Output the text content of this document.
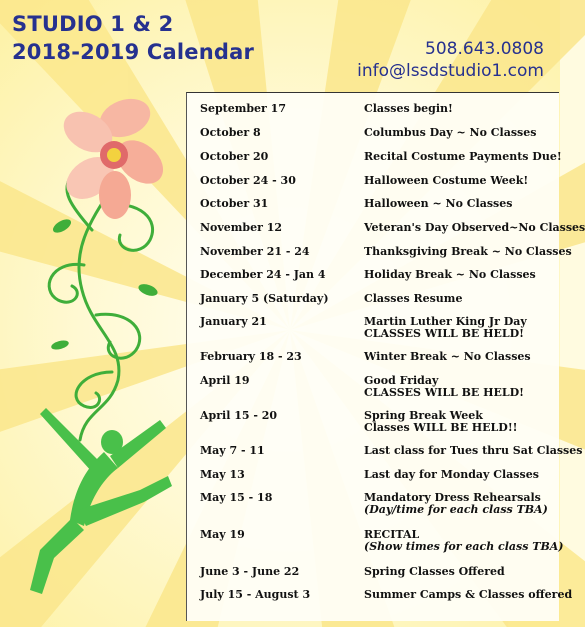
STUDIO 1 & 2
2018-2019 Calendar	508.643.0808
info@lssdstudio1.com
September 17	Classes begin!
October 8	Columbus Day ~ No Classes
October 20	Recital Costume Payments Due!
October 24 - 30	Halloween Costume Week!
October 31	Halloween ~ No Classes
November 12	Veteran's Day Observed~No Classes
November 21 - 24	Thanksgiving Break ~ No Classes
December 24 - Jan 4	Holiday Break ~ No Classes
January 5 (Saturday)	Classes Resume
January 21	Martin Luther King Jr Day
CLASSES WILL BE HELD!
February 18 - 23	Winter Break ~ No Classes
April 19	Good Friday
CLASSES WILL BE HELD!
April 15 - 20	Spring Break Week
Classes WILL BE HELD!!
May 7 - 11	Last class for Tues thru Sat Classes
May 13	Last day for Monday Classes
May 15 - 18	Mandatory Dress Rehearsals
(Day/time for each class TBA)
May 19	RECITAL
(Show times for each class TBA)
June 3 - June 22	Spring Classes Offered
July 15 - August 3	Summer Camps & Classes offered
